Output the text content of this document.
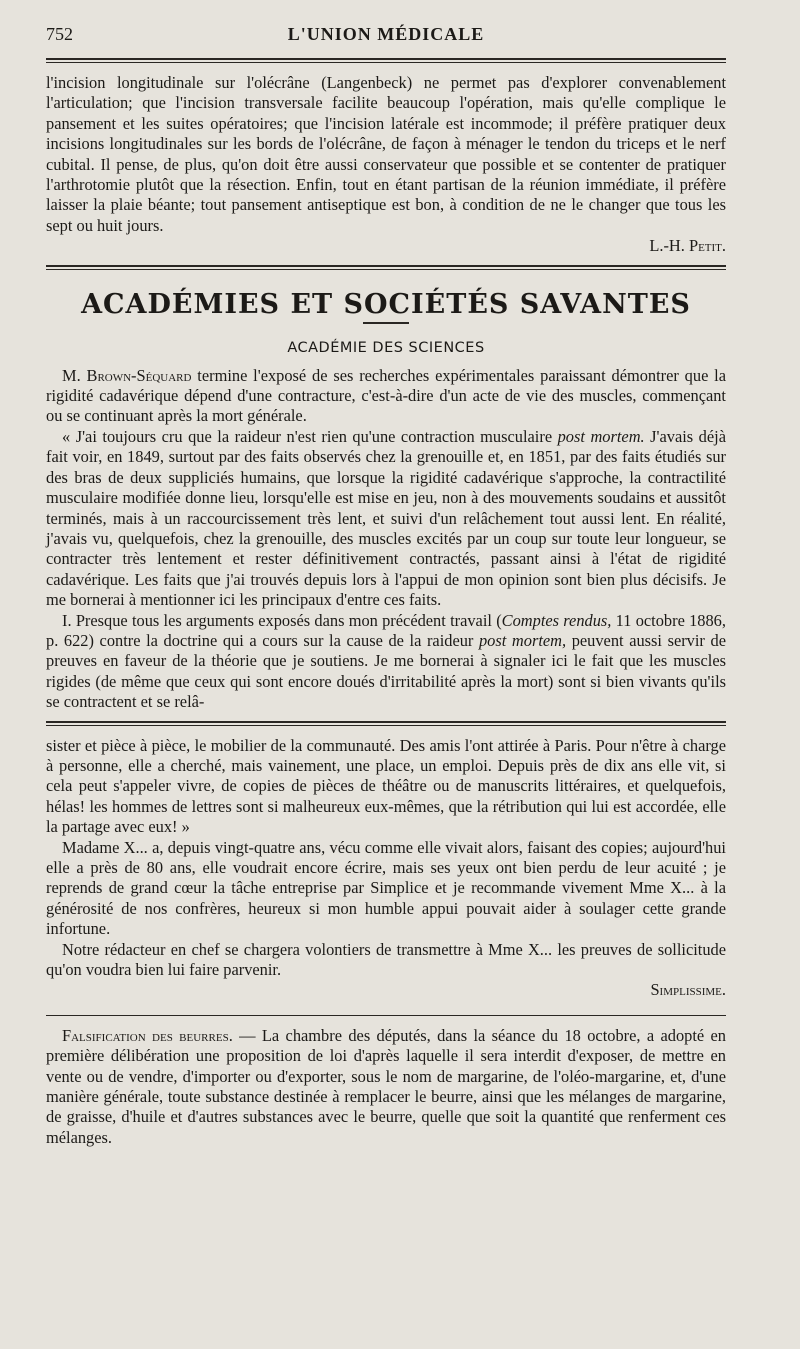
752	L'UNION MÉDICALE

l'incision longitudinale sur l'olécrâne (Langenbeck) ne permet pas d'explorer convenablement l'articulation; que l'incision transversale facilite beaucoup l'opération, mais qu'elle complique le pansement et les suites opératoires; que l'incision latérale est incommode; il préfère pratiquer deux incisions longitudinales sur les bords de l'olécrâne, de façon à ménager le tendon du triceps et le nerf cubital. Il pense, de plus, qu'on doit être aussi conservateur que possible et se contenter de pratiquer l'arthrotomie plutôt que la résection. Enfin, tout en étant partisan de la réunion immédiate, il préfère laisser la plaie béante; tout pansement antiseptique est bon, à condition de ne le changer que tous les sept ou huit jours.
L.-H. Petit.

ACADÉMIES ET SOCIÉTÉS SAVANTES
ACADÉMIE DES SCIENCES

M. Brown-Séquard termine l'exposé de ses recherches expérimentales paraissant démontrer que la rigidité cadavérique dépend d'une contracture, c'est-à-dire d'un acte de vie des muscles, commençant ou se continuant après la mort générale.

« J'ai toujours cru que la raideur n'est rien qu'une contraction musculaire post mortem. J'avais déjà fait voir, en 1849, surtout par des faits observés chez la grenouille et, en 1851, par des faits étudiés sur des bras de deux suppliciés humains, que lorsque la rigidité cadavérique s'approche, la contractilité musculaire modifiée donne lieu, lorsqu'elle est mise en jeu, non à des mouvements soudains et aussitôt terminés, mais à un raccourcissement très lent, et suivi d'un relâchement tout aussi lent. En réalité, j'avais vu, quelquefois, chez la grenouille, des muscles excités par un coup sur toute leur longueur, se contracter très lentement et rester définitivement contractés, passant ainsi à l'état de rigidité cadavérique. Les faits que j'ai trouvés depuis lors à l'appui de mon opinion sont bien plus décisifs. Je me bornerai à mentionner ici les principaux d'entre ces faits.

I. Presque tous les arguments exposés dans mon précédent travail (Comptes rendus, 11 octobre 1886, p. 622) contre la doctrine qui a cours sur la cause de la raideur post mortem, peuvent aussi servir de preuves en faveur de la théorie que je soutiens. Je me bornerai à signaler ici le fait que les muscles rigides (de même que ceux qui sont encore doués d'irritabilité après la mort) sont si bien vivants qu'ils se contractent et se relâ-

sister et pièce à pièce, le mobilier de la communauté. Des amis l'ont attirée à Paris. Pour n'être à charge à personne, elle a cherché, mais vainement, une place, un emploi. Depuis près de dix ans elle vit, si cela peut s'appeler vivre, de copies de pièces de théâtre ou de manuscrits littéraires, et quelquefois, hélas! les hommes de lettres sont si malheureux eux-mêmes, que la rétribution qui lui est accordée, elle la partage avec eux! »

Madame X... a, depuis vingt-quatre ans, vécu comme elle vivait alors, faisant des copies; aujourd'hui elle a près de 80 ans, elle voudrait encore écrire, mais ses yeux ont bien perdu de leur acuité ; je reprends de grand cœur la tâche entreprise par Simplice et je recommande vivement Mme X... à la générosité de nos confrères, heureux si mon humble appui pouvait aider à soulager cette grande infortune.

Notre rédacteur en chef se chargera volontiers de transmettre à Mme X... les preuves de sollicitude qu'on voudra bien lui faire parvenir.
Simplissime.

Falsification des beurres. — La chambre des députés, dans la séance du 18 octobre, a adopté en première délibération une proposition de loi d'après laquelle il sera interdit d'exposer, de mettre en vente ou de vendre, d'importer ou d'exporter, sous le nom de margarine, de l'oléo-margarine, et, d'une manière générale, toute substance destinée à remplacer le beurre, ainsi que les mélanges de margarine, de graisse, d'huile et d'autres substances avec le beurre, quelle que soit la quantité que renferment ces mélanges.
